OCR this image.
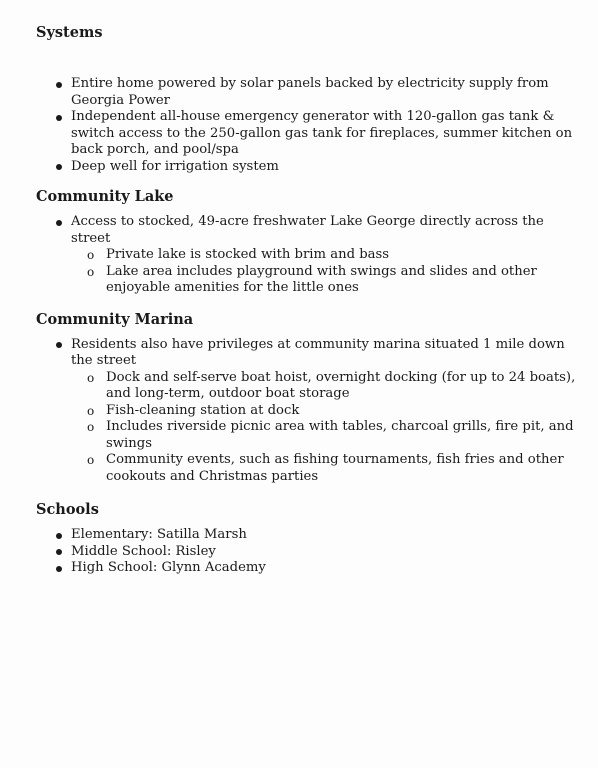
Systems
Entire home powered by solar panels backed by electricity supply from Georgia Power
Independent all-house emergency generator with 120-gallon gas tank & switch access to the 250-gallon gas tank for fireplaces, summer kitchen on back porch, and pool/spa
Deep well for irrigation system
Community Lake
Access to stocked, 49-acre freshwater Lake George directly across the street
o Private lake is stocked with brim and bass
o Lake area includes playground with swings and slides and other enjoyable amenities for the little ones
Community Marina
Residents also have privileges at community marina situated 1 mile down the street
o Dock and self-serve boat hoist, overnight docking (for up to 24 boats), and long-term, outdoor boat storage
o Fish-cleaning station at dock
o Includes riverside picnic area with tables, charcoal grills, fire pit, and swings
o Community events, such as fishing tournaments, fish fries and other cookouts and Christmas parties
Schools
Elementary: Satilla Marsh
Middle School: Risley
High School: Glynn Academy
